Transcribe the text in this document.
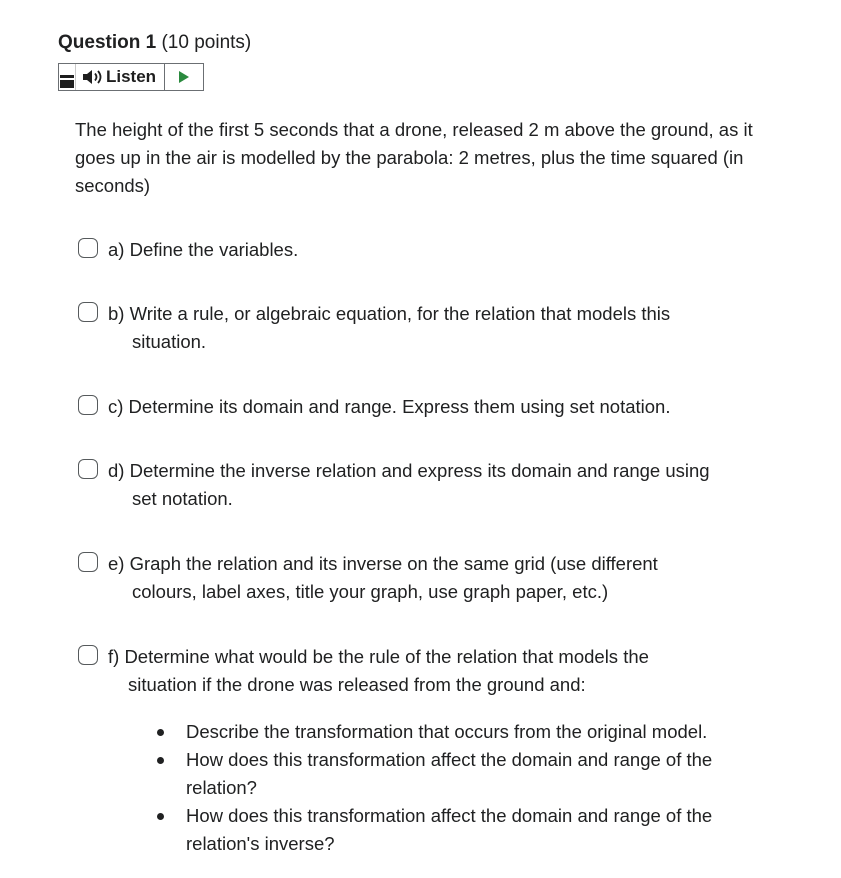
Question 1 (10 points)
Listen
The height of the first 5 seconds that a drone, released 2 m above the ground, as it goes up in the air is modelled by the parabola: 2 metres, plus the time squared (in seconds)
a) Define the variables.
b) Write a rule, or algebraic equation, for the relation that models this
situation.
c) Determine its domain and range. Express them using set notation.
d) Determine the inverse relation and express its domain and range using
set notation.
e) Graph the relation and its inverse on the same grid (use different
colours, label axes, title your graph, use graph paper, etc.)
f) Determine what would be the rule of the relation that models the
situation if the drone was released from the ground and:
Describe the transformation that occurs from the original model.
How does this transformation affect the domain and range of the relation?
How does this transformation affect the domain and range of the relation's inverse?
